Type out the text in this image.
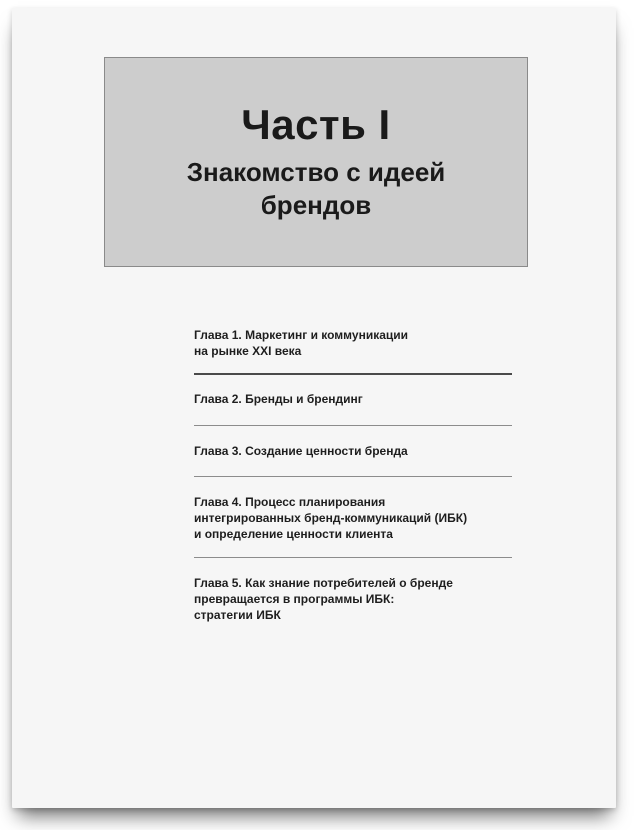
Часть I
Знакомство с идеей
брендов
Глава 1. Маркетинг и коммуникации
на рынке XXI века
Глава 2. Бренды и брендинг
Глава 3. Создание ценности бренда
Глава 4. Процесс планирования
интегрированных бренд-коммуникаций (ИБК)
и определение ценности клиента
Глава 5. Как знание потребителей о бренде
превращается в программы ИБК:
стратегии ИБК
